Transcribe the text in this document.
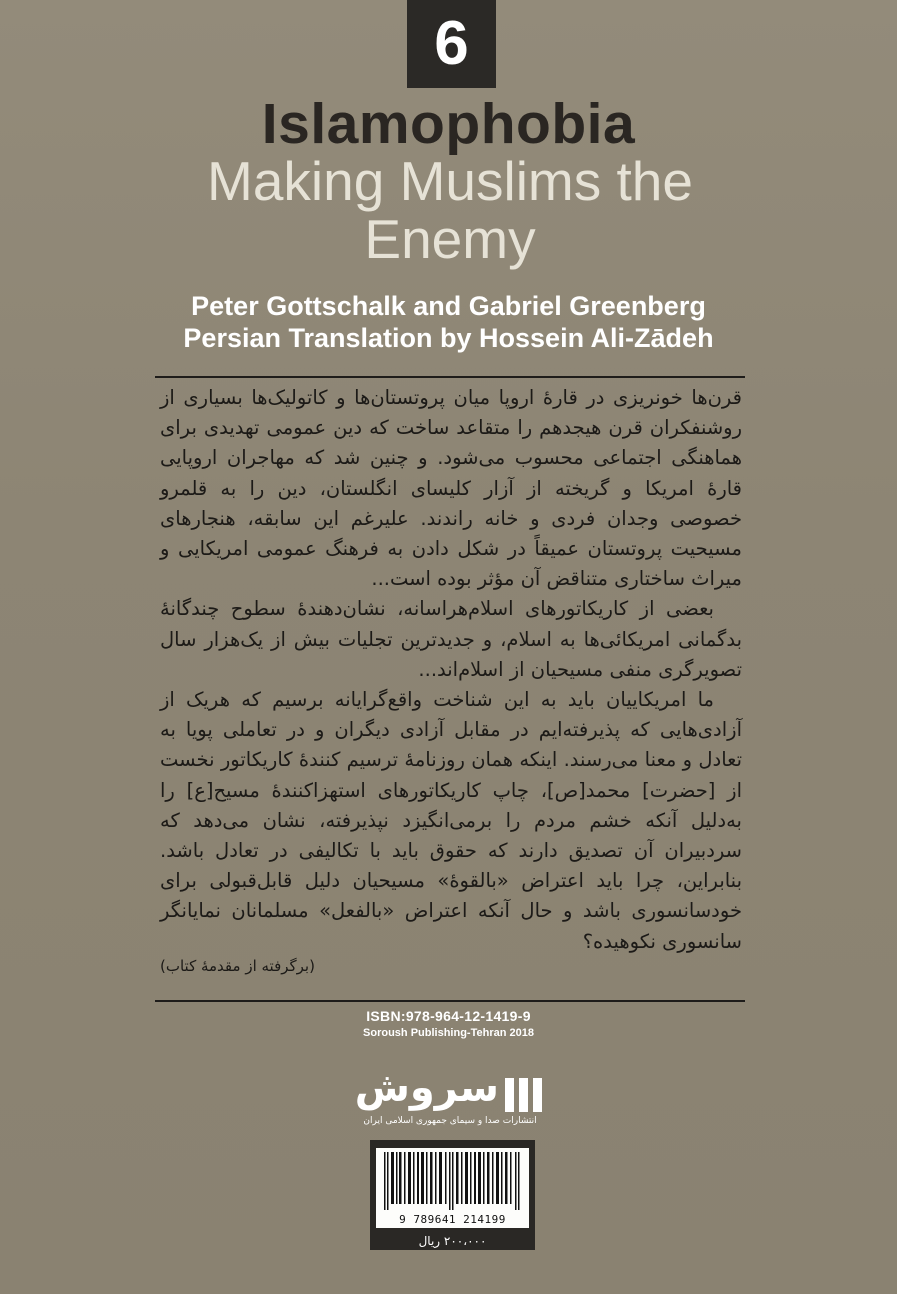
6
Islamophobia
Making Muslims the Enemy
Peter Gottschalk and Gabriel Greenberg
Persian Translation by Hossein Ali-Zādeh

قرن‌ها خونریزی در قارهٔ اروپا میان پروتستان‌ها و کاتولیک‌ها بسیاری از روشنفکران قرن هیجدهم را متقاعد ساخت که دین عمومی تهدیدی برای هماهنگی اجتماعی محسوب می‌شود. و چنین شد که مهاجران اروپایی قارهٔ امریکا و گریخته از آزار کلیسای انگلستان، دین را به قلمرو خصوصی وجدان فردی و خانه راندند. علیرغم این سابقه، هنجارهای مسیحیت پروتستان عمیقاً در شکل دادن به فرهنگ عمومی امریکایی و میراث ساختاری متناقض آن مؤثر بوده است...

بعضی از کاریکاتورهای اسلام‌هراسانه، نشان‌دهندهٔ سطوح چندگانهٔ بدگمانی امریکائی‌ها به اسلام، و جدیدترین تجلیات بیش از یک‌هزار سال تصویرگری منفی مسیحیان از اسلام‌اند...

ما امریکاییان باید به این شناخت واقع‌گرایانه برسیم که هریک از آزادی‌هایی که پذیرفته‌ایم در مقابل آزادی دیگران و در تعاملی پویا به تعادل و معنا می‌رسند. اینکه همان روزنامهٔ ترسیم کنندهٔ کاریکاتور نخست از [حضرت] محمد[ص]، چاپ کاریکاتورهای استهزاکنندهٔ مسیح[ع] را به‌دلیل آنکه خشم مردم را برمی‌انگیزد نپذیرفته، نشان می‌دهد که سردبیران آن تصدیق دارند که حقوق باید با تکالیفی در تعادل باشد. بنابراین، چرا باید اعتراض «بالقوهٔ» مسیحیان دلیل قابل‌قبولی برای خودسانسوری باشد و حال آنکه اعتراض «بالفعل» مسلمانان نمایانگر سانسوری نکوهیده؟

(برگرفته از مقدمهٔ کتاب)
ISBN:978-964-12-1419-9
Soroush Publishing-Tehran 2018
سروش
انتشارات صدا و سیمای جمهوری اسلامی ایران
9 789641 214199
۲۰۰،۰۰۰ ریال
